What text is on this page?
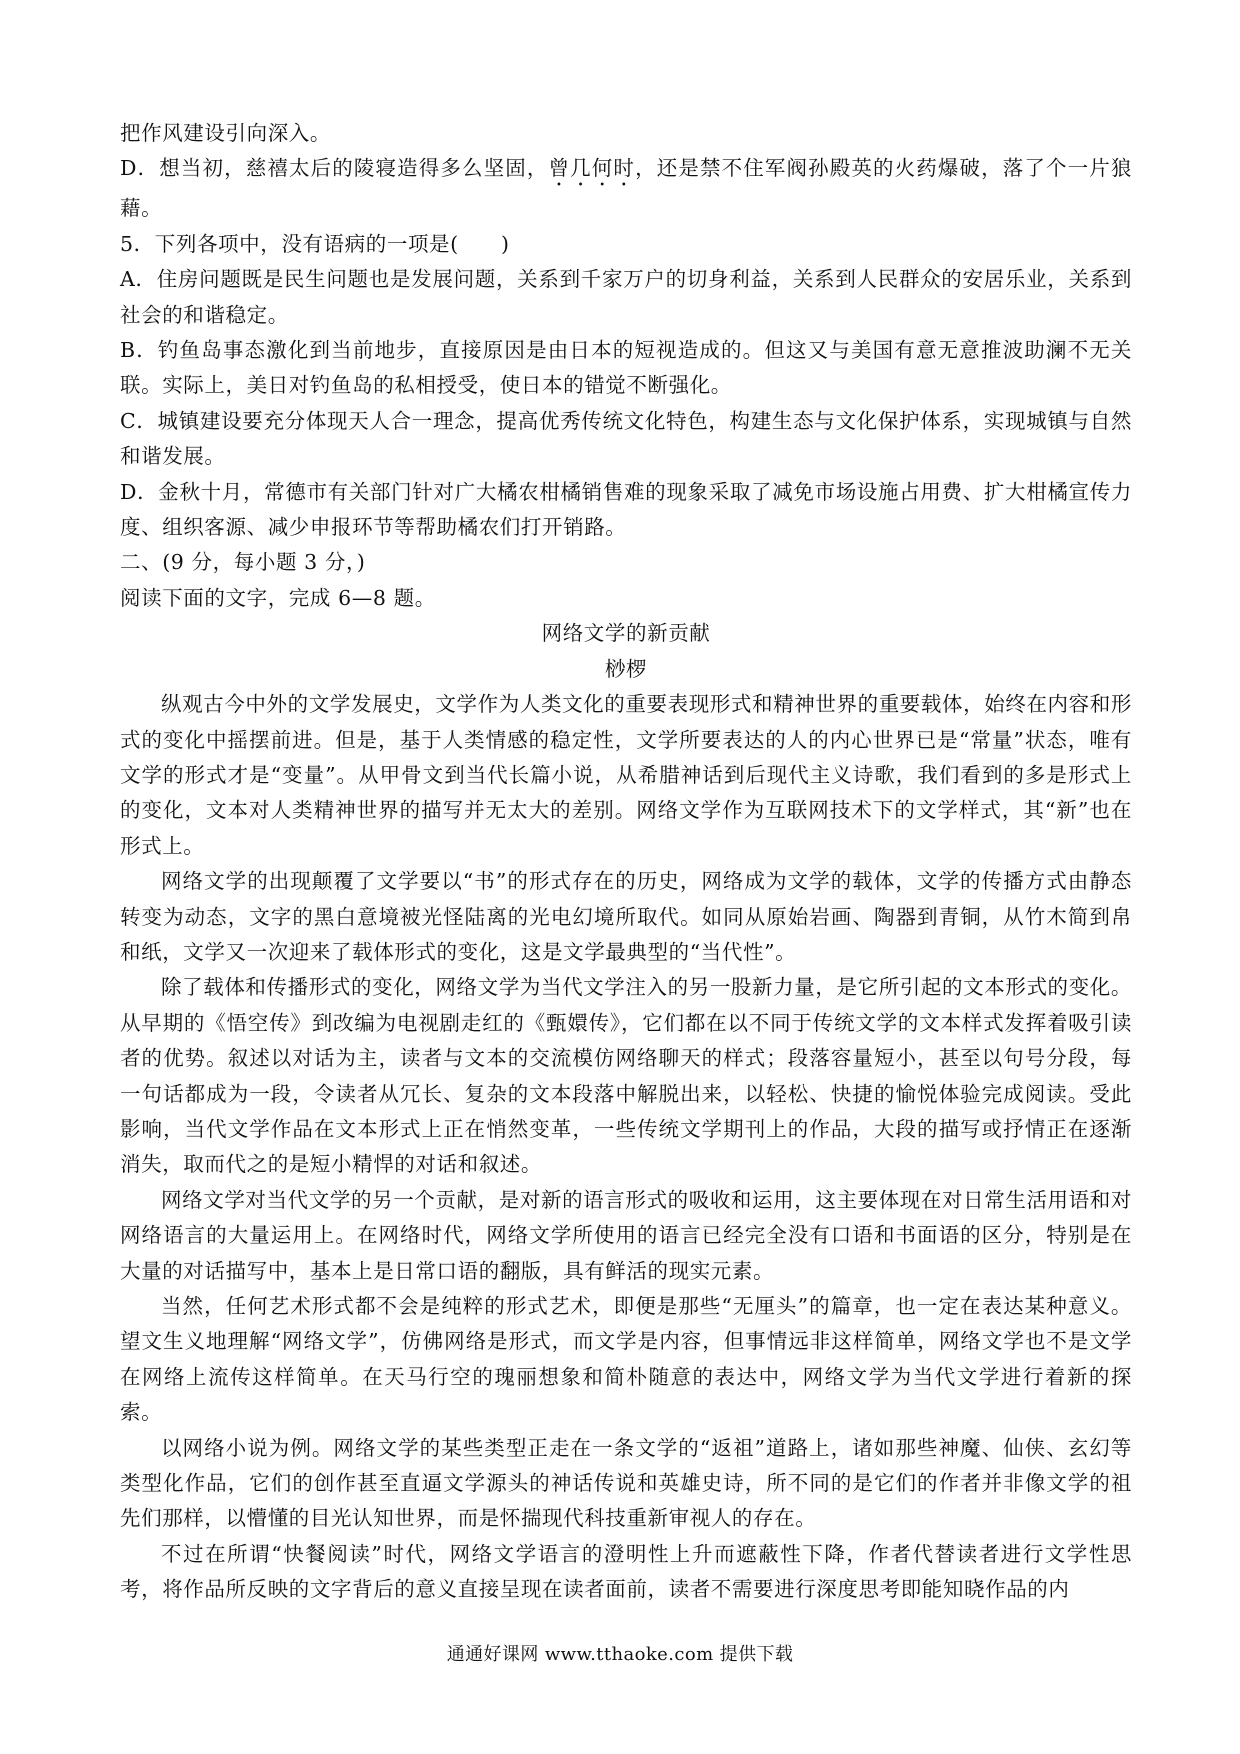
把作风建设引向深入。

D．想当初，慈禧太后的陵寝造得多么坚固，曾几何时，还是禁不住军阀孙殿英的火药爆破，落了个一片狼藉。

5．下列各项中，没有语病的一项是(　　)

A．住房问题既是民生问题也是发展问题，关系到千家万户的切身利益，关系到人民群众的安居乐业，关系到社会的和谐稳定。

B．钓鱼岛事态激化到当前地步，直接原因是由日本的短视造成的。但这又与美国有意无意推波助澜不无关联。实际上，美日对钓鱼岛的私相授受，使日本的错觉不断强化。

C．城镇建设要充分体现天人合一理念，提高优秀传统文化特色，构建生态与文化保护体系，实现城镇与自然和谐发展。

D．金秋十月，常德市有关部门针对广大橘农柑橘销售难的现象采取了减免市场设施占用费、扩大柑橘宣传力度、组织客源、减少申报环节等帮助橘农们打开销路。

二、(9 分，每小题 3 分，)

阅读下面的文字，完成 6—8 题。

网络文学的新贡献

桫椤

纵观古今中外的文学发展史，文学作为人类文化的重要表现形式和精神世界的重要载体，始终在内容和形式的变化中摇摆前进。但是，基于人类情感的稳定性，文学所要表达的人的内心世界已是“常量”状态，唯有文学的形式才是“变量”。从甲骨文到当代长篇小说，从希腊神话到后现代主义诗歌，我们看到的多是形式上的变化，文本对人类精神世界的描写并无太大的差别。网络文学作为互联网技术下的文学样式，其“新”也在形式上。

网络文学的出现颠覆了文学要以“书”的形式存在的历史，网络成为文学的载体，文学的传播方式由静态转变为动态，文字的黑白意境被光怪陆离的光电幻境所取代。如同从原始岩画、陶器到青铜，从竹木简到帛和纸，文学又一次迎来了载体形式的变化，这是文学最典型的“当代性”。

除了载体和传播形式的变化，网络文学为当代文学注入的另一股新力量，是它所引起的文本形式的变化。从早期的《悟空传》到改编为电视剧走红的《甄嬛传》，它们都在以不同于传统文学的文本样式发挥着吸引读者的优势。叙述以对话为主，读者与文本的交流模仿网络聊天的样式；段落容量短小，甚至以句号分段，每一句话都成为一段，令读者从冗长、复杂的文本段落中解脱出来，以轻松、快捷的愉悦体验完成阅读。受此影响，当代文学作品在文本形式上正在悄然变革，一些传统文学期刊上的作品，大段的描写或抒情正在逐渐消失，取而代之的是短小精悍的对话和叙述。

网络文学对当代文学的另一个贡献，是对新的语言形式的吸收和运用，这主要体现在对日常生活用语和对网络语言的大量运用上。在网络时代，网络文学所使用的语言已经完全没有口语和书面语的区分，特别是在大量的对话描写中，基本上是日常口语的翻版，具有鲜活的现实元素。

当然，任何艺术形式都不会是纯粹的形式艺术，即便是那些“无厘头”的篇章，也一定在表达某种意义。望文生义地理解“网络文学”，仿佛网络是形式，而文学是内容，但事情远非这样简单，网络文学也不是文学在网络上流传这样简单。在天马行空的瑰丽想象和简朴随意的表达中，网络文学为当代文学进行着新的探索。

以网络小说为例。网络文学的某些类型正走在一条文学的“返祖”道路上，诸如那些神魔、仙侠、玄幻等类型化作品，它们的创作甚至直逼文学源头的神话传说和英雄史诗，所不同的是它们的作者并非像文学的祖先们那样，以懵懂的目光认知世界，而是怀揣现代科技重新审视人的存在。

不过在所谓“快餐阅读”时代，网络文学语言的澄明性上升而遮蔽性下降，作者代替读者进行文学性思考，将作品所反映的文字背后的意义直接呈现在读者面前，读者不需要进行深度思考即能知晓作品的内

通通好课网 www.tthaoke.com 提供下载
